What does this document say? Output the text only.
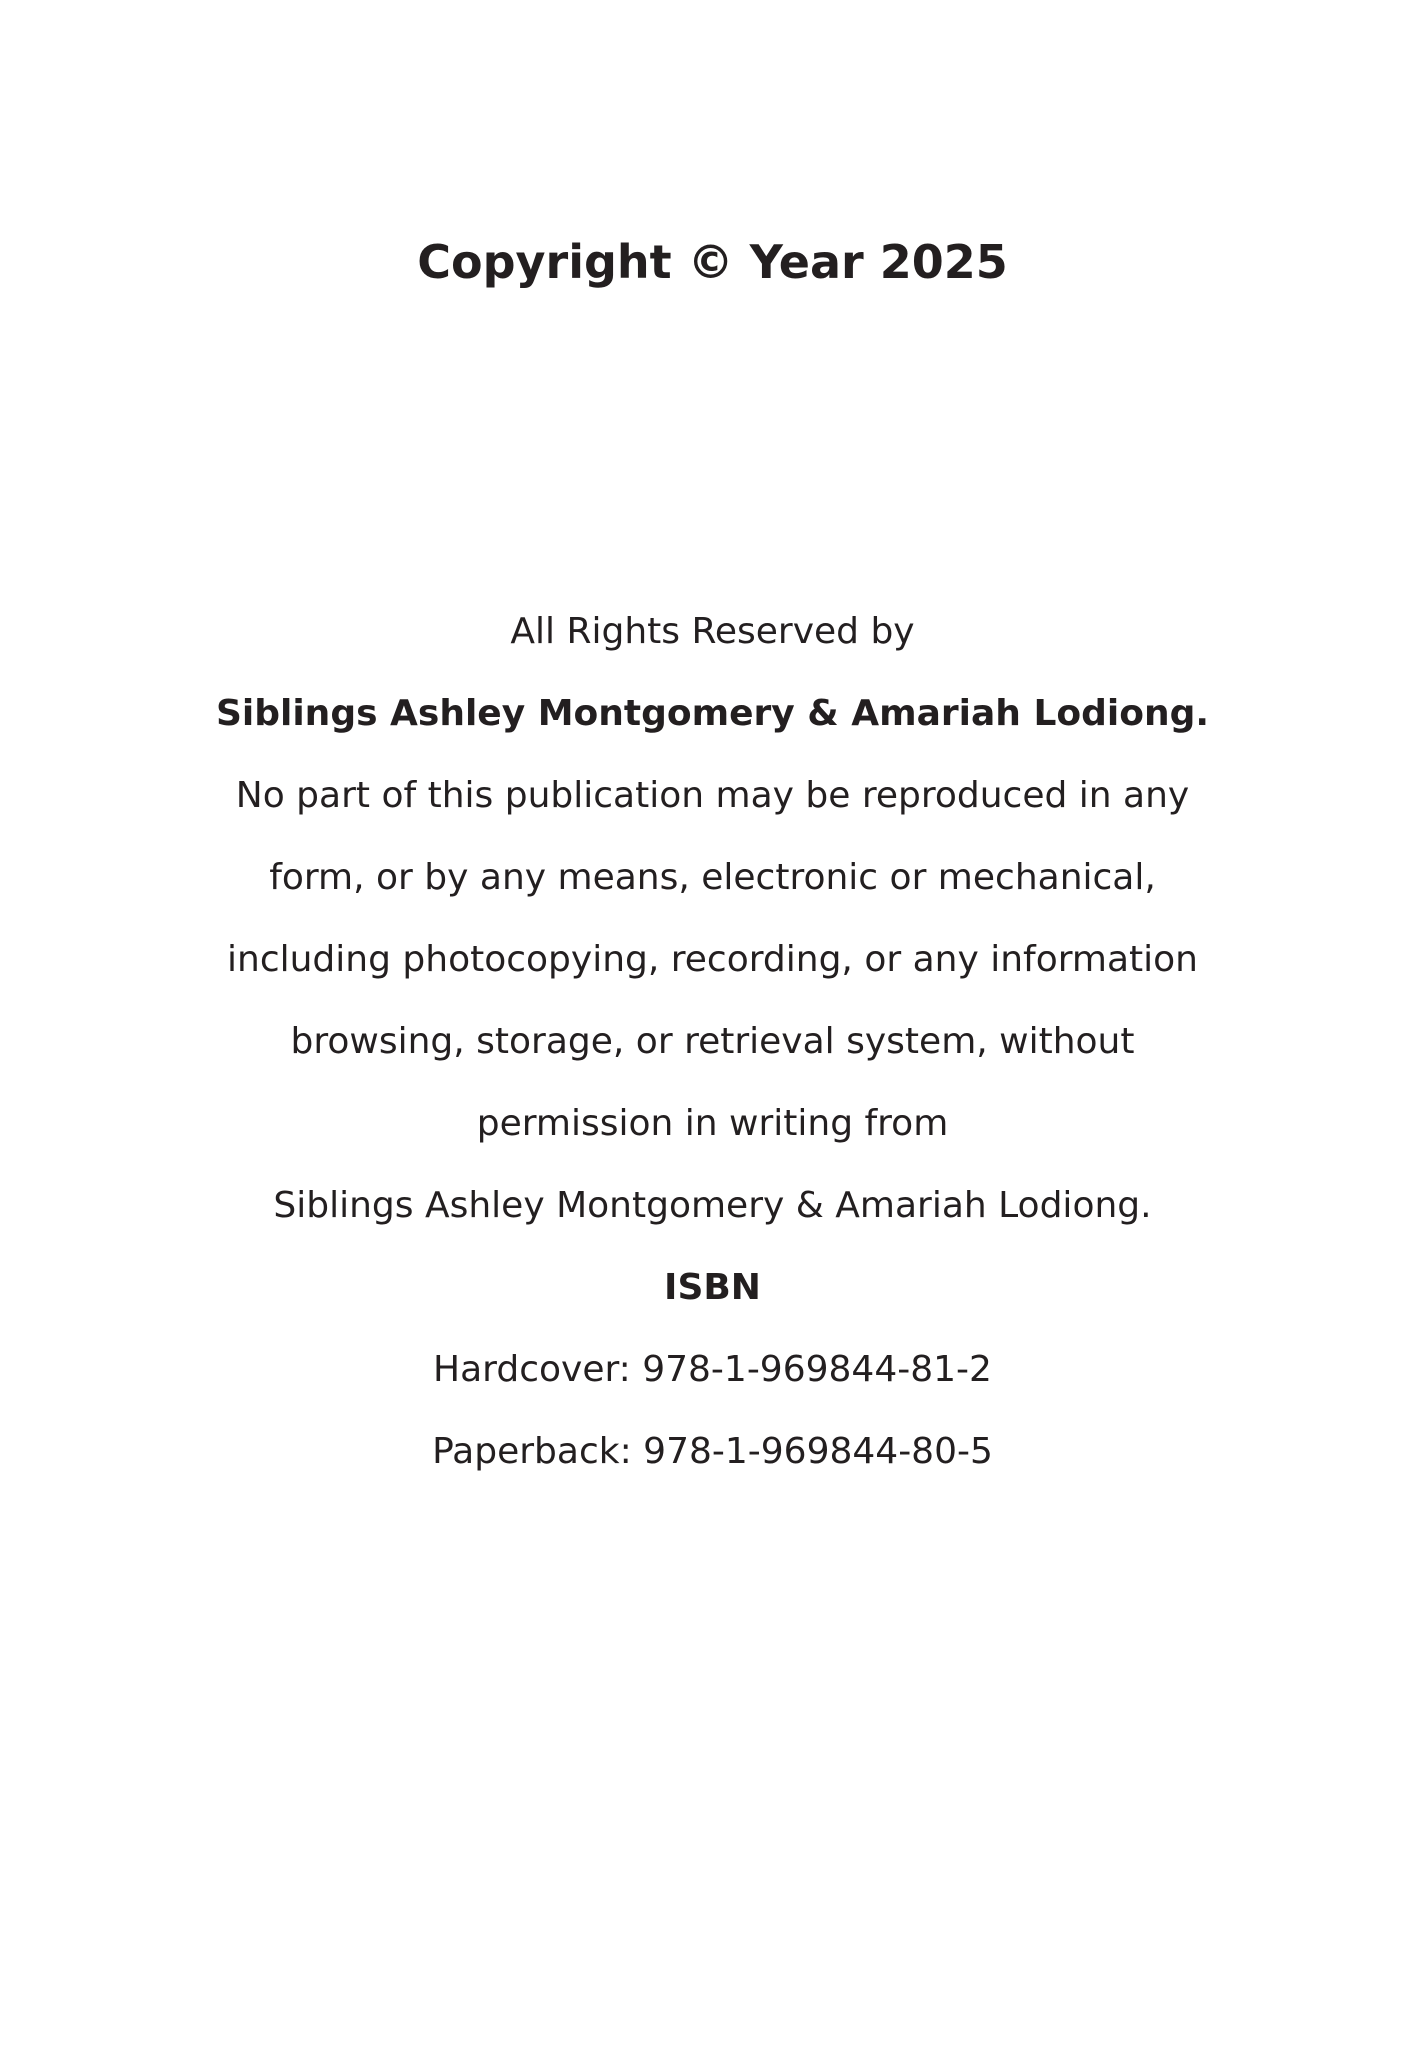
Copyright © Year 2025
All Rights Reserved by
Siblings Ashley Montgomery & Amariah Lodiong.
No part of this publication may be reproduced in any
form, or by any means, electronic or mechanical,
including photocopying, recording, or any information
browsing, storage, or retrieval system, without
permission in writing from
Siblings Ashley Montgomery & Amariah Lodiong.
ISBN
Hardcover: 978-1-969844-81-2
Paperback: 978-1-969844-80-5
